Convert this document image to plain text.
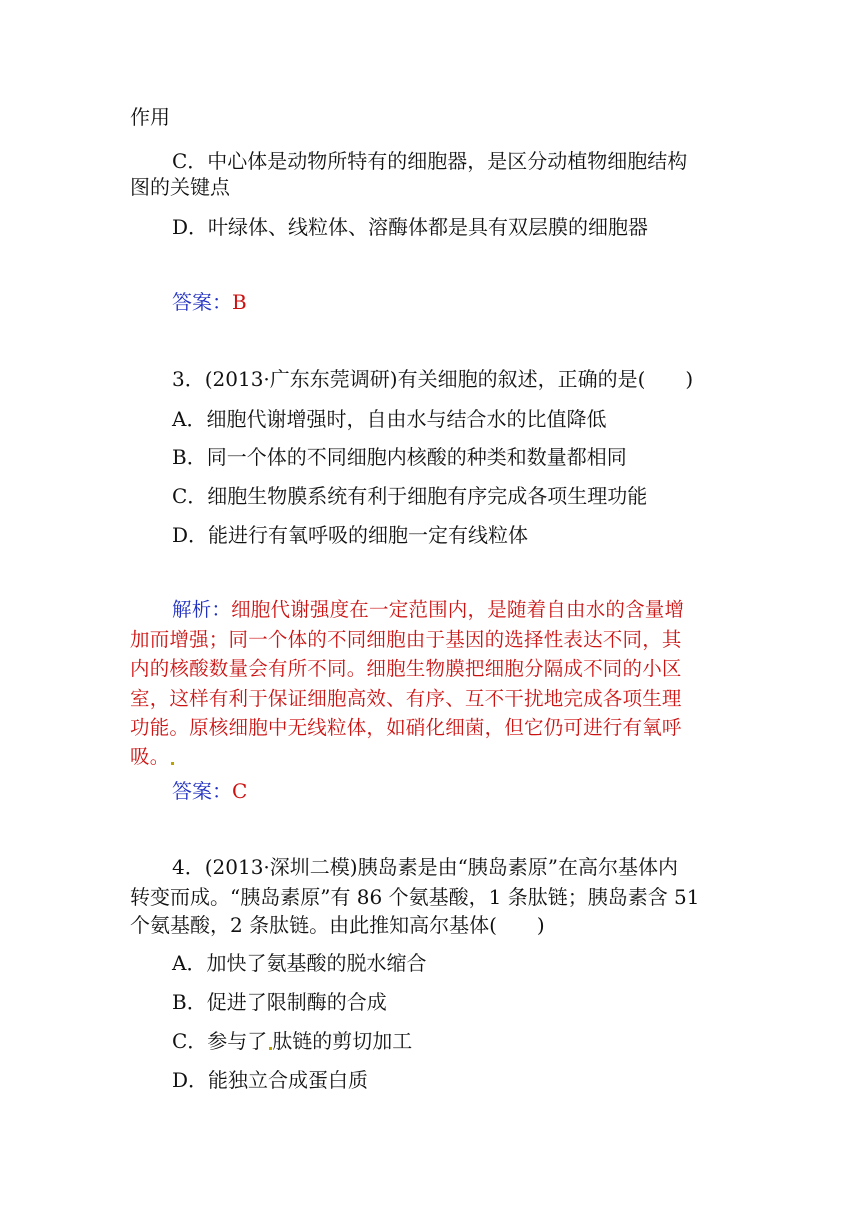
作用
C．中心体是动物所特有的细胞器，是区分动植物细胞结构
图的关键点
D．叶绿体、线粒体、溶酶体都是具有双层膜的细胞器
答案：B
3．(2013·广东东莞调研)有关细胞的叙述，正确的是(　　)
A．细胞代谢增强时，自由水与结合水的比值降低
B．同一个体的不同细胞内核酸的种类和数量都相同
C．细胞生物膜系统有利于细胞有序完成各项生理功能
D．能进行有氧呼吸的细胞一定有线粒体
解析：细胞代谢强度在一定范围内，是随着自由水的含量增
加而增强；同一个体的不同细胞由于基因的选择性表达不同，其
内的核酸数量会有所不同。细胞生物膜把细胞分隔成不同的小区
室，这样有利于保证细胞高效、有序、互不干扰地完成各项生理
功能。原核细胞中无线粒体，如硝化细菌，但它仍可进行有氧呼
吸。
答案：C
4．(2013·深圳二模)胰岛素是由“胰岛素原”在高尔基体内
转变而成。“胰岛素原”有 86 个氨基酸，1 条肽链；胰岛素含 51
个氨基酸，2 条肽链。由此推知高尔基体(　　)
A．加快了氨基酸的脱水缩合
B．促进了限制酶的合成
C．参与了 肽链的剪切加工
D．能独立合成蛋白质
